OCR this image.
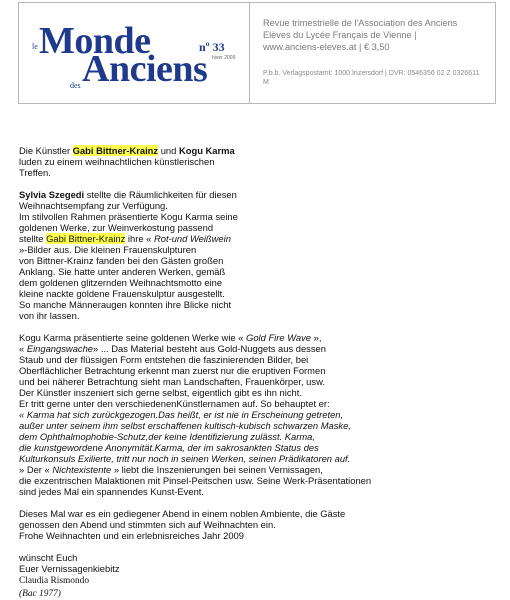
le Monde
des Anciens
nº 33
hiver 2009
Revue trimestrielle de l'Association des Anciens
Elèves du Lycée Français de Vienne |
www.anciens-eleves.at | € 3,50
P.b.b. Verlagspostamt: 1000 Inzersdorf | DVR: 0546356 02 Z 0326611
M

Die Künstler Gabi Bittner-Krainz und Kogu Karma
luden zu einem weihnachtlichen künstlerischen
Treffen.

Sylvia Szegedi stellte die Räumlichkeiten für diesen
Weihnachtsempfang zur Verfügung.
Im stilvollen Rahmen präsentierte Kogu Karma seine
goldenen Werke, zur Weinverkostung passend
stellte Gabi Bittner-Krainz ihre « Rot-und Weißwein
»-Bilder aus. Die kleinen Frauenskulpturen
von Bittner-Krainz fanden bei den Gästen großen
Anklang. Sie hatte unter anderen Werken, gemäß
dem goldenen glitzernden Weihnachtsmotto eine
kleine nackte goldene Frauenskulptur ausgestellt.
So manche Männeraugen konnten ihre Blicke nicht
von ihr lassen.

Kogu Karma präsentierte seine goldenen Werke wie « Gold Fire Wave »,
« Eingangswache» ... Das Material besteht aus Gold-Nuggets aus dessen
Staub und der flüssigen Form entstehen die faszinierenden Bilder, bei
Oberflächlicher Betrachtung erkennt man zuerst nur die eruptiven Formen
und bei näherer Betrachtung sieht man Landschaften, Frauenkörper, usw.
Der Künstler inszeniert sich gerne selbst, eigentlich gibt es ihn nicht.
Er tritt gerne unter den verschiedenenKünstlernamen auf. So behauptet er:
« Karma hat sich zurückgezogen.Das heißt, er ist nie in Erscheinung getreten,
außer unter seinem ihm selbst erschaffenen kultisch-kubisch schwarzen Maske,
dem Ophthalmophobie-Schutz,der keine Identifizierung zulässt. Karma,
die kunstgewordene Anonymität.Karma, der im sakrosankten Status des
Kulturkonsuls Exilierte, tritt nur noch in seinen Werken, seinen Prädikatoren auf.
» Der « Nichtexistente » liebt die Inszenierungen bei seinen Vernissagen,
die exzentrischen Malaktionen mit Pinsel-Peitschen usw. Seine Werk-Präsentationen
sind jedes Mal ein spannendes Kunst-Event.

Dieses Mal war es ein gediegener Abend in einem noblen Ambiente, die Gäste
genossen den Abend und stimmten sich auf Weihnachten ein.
Frohe Weihnachten und ein erlebnisreiches Jahr 2009

wünscht Euch
Euer Vernissagenkiebitz
Claudia Rismondo
(Bac 1977)
